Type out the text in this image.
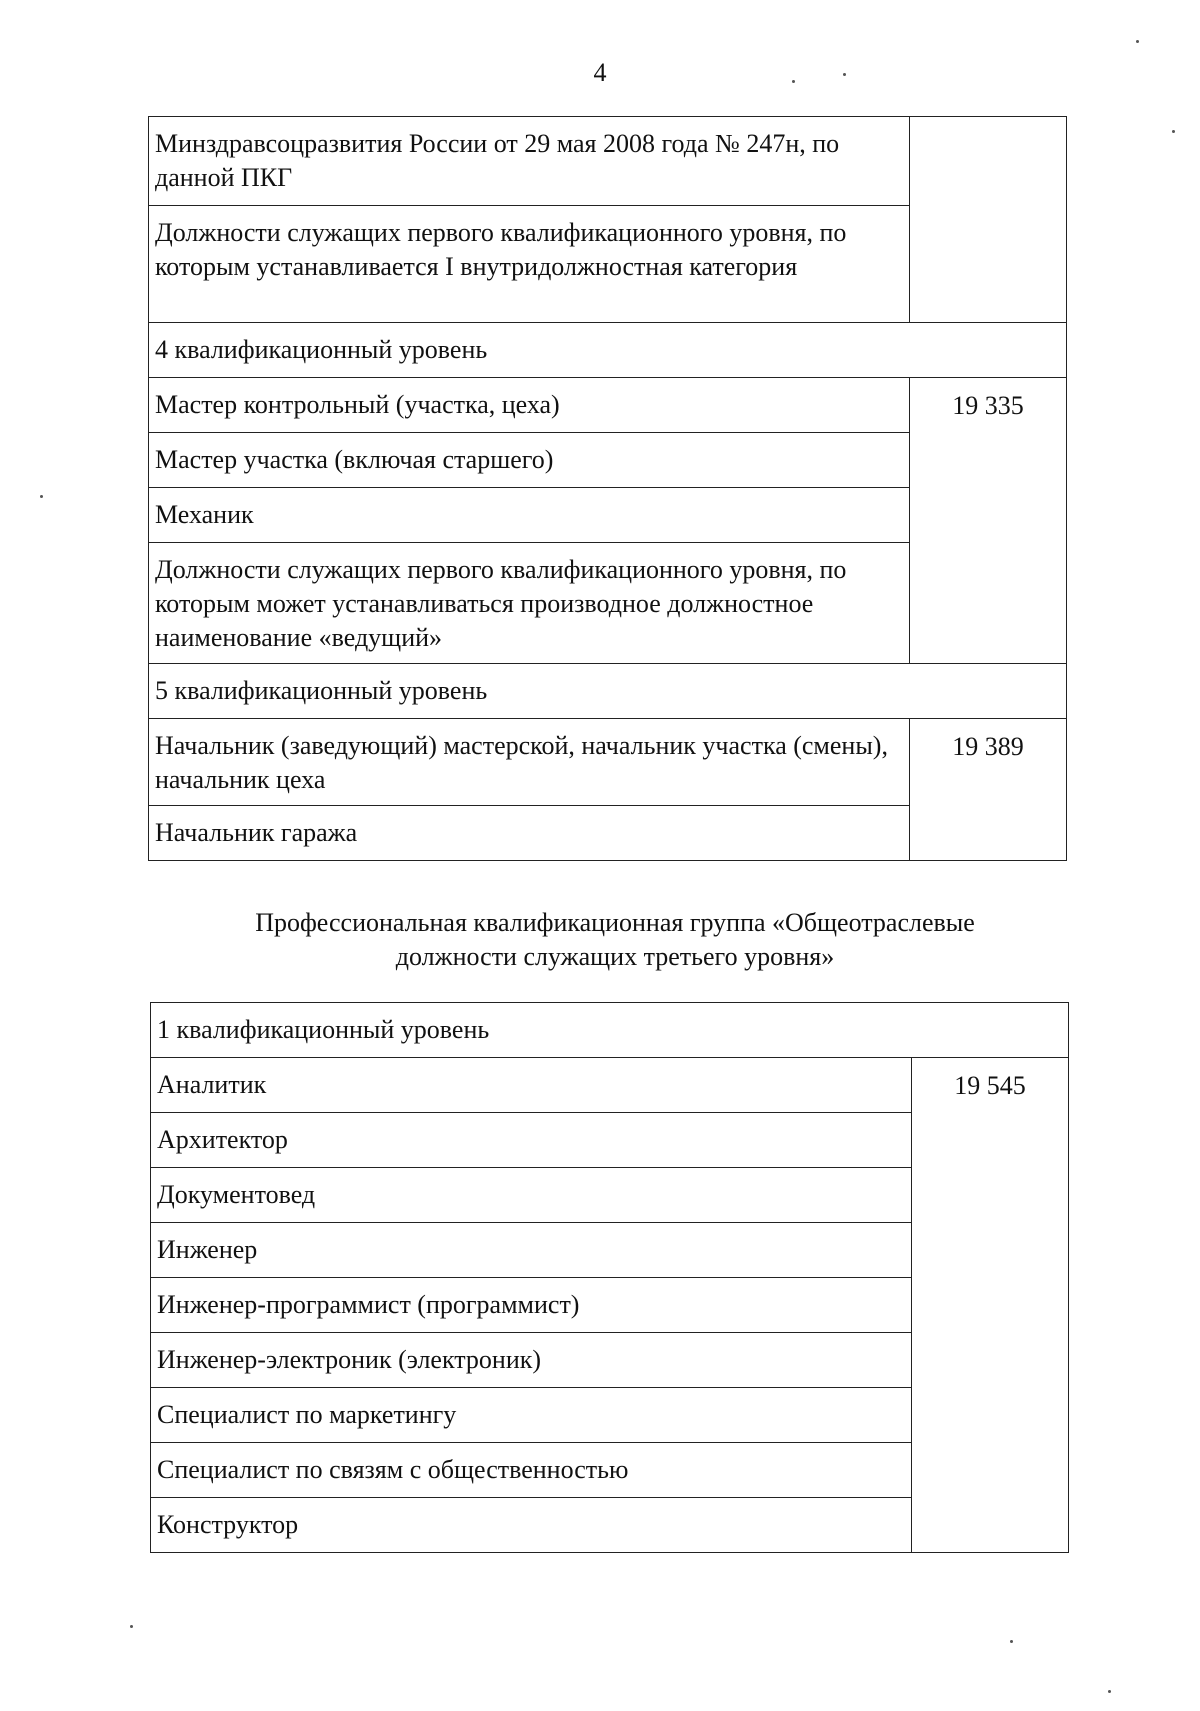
4
Минздравсоцразвития России от 29 мая 2008 года № 247н, по данной ПКГ	

Должности служащих первого квалификационного уровня, по которым устанавливается I внутридолжностная категория	

4 квалификационный уровень	

Мастер контрольный (участка, цеха)	19 335

Мастер участка (включая старшего)	

Механик	

Должности служащих первого квалификационного уровня, по которым может устанавливаться производное должностное наименование «ведущий»	

5 квалификационный уровень	

Начальник (заведующий) мастерской, начальник участка (смены), начальник цеха	19 389

Начальник гаража	
Профессиональная квалификационная группа «Общеотраслевые
должности служащих третьего уровня»
1 квалификационный уровень

Аналитик	19 545

Архитектор

Документовед

Инженер

Инженер-программист (программист)

Инженер-электроник (электроник)

Специалист по маркетингу

Специалист по связям с общественностью

Конструктор
